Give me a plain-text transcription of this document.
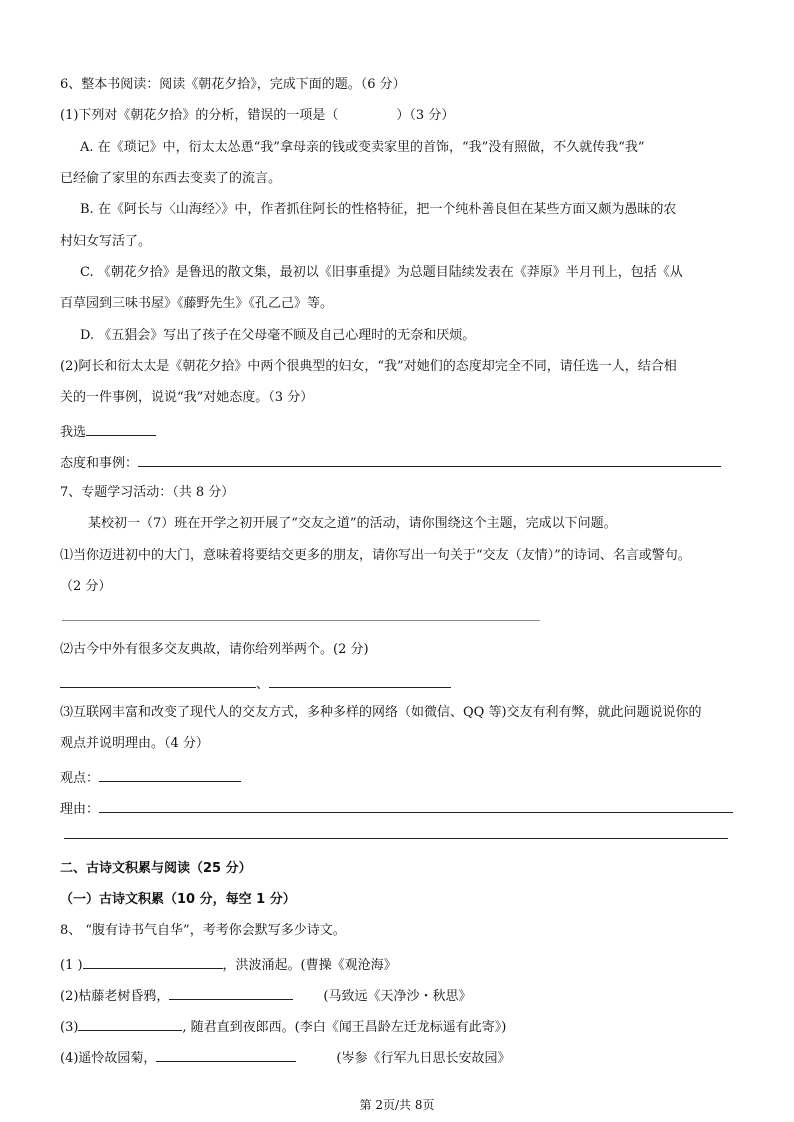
6、整本书阅读：阅读《朝花夕拾》，完成下面的题。（6 分）
(1)下列对《朝花夕拾》的分析，错误的一项是（	）（3 分）
A. 在《琐记》中，衍太太怂恿“我”拿母亲的钱或变卖家里的首饰，“我”没有照做，不久就传我“我”
已经偷了家里的东西去变卖了的流言。
B. 在《阿长与〈山海经〉》中，作者抓住阿长的性格特征，把一个纯朴善良但在某些方面又颇为愚昧的农
村妇女写活了。
C. 《朝花夕拾》是鲁迅的散文集，最初以《旧事重提》为总题目陆续发表在《莽原》半月刊上，包括《从
百草园到三味书屋》《藤野先生》《孔乙己》等。
D. 《五猖会》写出了孩子在父母毫不顾及自己心理时的无奈和厌烦。
(2)阿长和衍太太是《朝花夕拾》中两个很典型的妇女，“我”对她们的态度却完全不同，请任选一人，结合相
关的一件事例，说说“我”对她态度。（3 分）
我选
态度和事例：
7、专题学习活动：（共 8 分）
某校初一（7）班在开学之初开展了“交友之道”的活动，请你围绕这个主题，完成以下问题。
⑴当你迈进初中的大门，意味着将要结交更多的朋友，请你写出一句关于“交友（友情）”的诗词、名言或警句。
（2 分）
⑵古今中外有很多交友典故，请你给列举两个。(2 分)
、
⑶互联网丰富和改变了现代人的交友方式，多种多样的网络（如微信、QQ 等)交友有利有弊，就此问题说说你的
观点并说明理由。（4 分）
观点：
理由：
二、古诗文积累与阅读（25 分）
（一）古诗文积累（10 分，每空 1 分）
8、 “腹有诗书气自华”，考考你会默写多少诗文。
(1 )	，洪波涌起。(曹操《观沧海》
(2)枯藤老树昏鸦，	(马致远《天净沙・秋思》
(3)	, 随君直到夜郎西。(李白《闻王昌龄左迁龙标遥有此寄》)
(4)遥怜故园菊，	(岑参《行军九日思长安故园》
第 2页/共 8页
